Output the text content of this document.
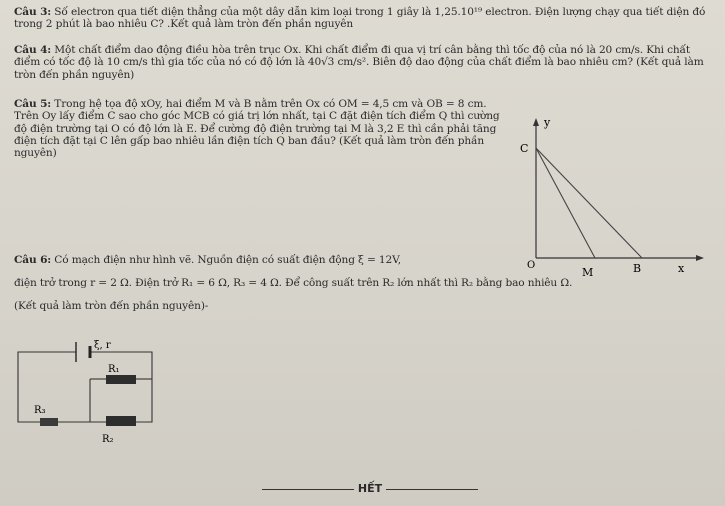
Câu 3: Số electron qua tiết diện thẳng của một dây dẫn kim loại trong 1 giây là 1,25.10¹⁹ electron. Điện lượng chạy qua tiết diện đó trong 2 phút là bao nhiêu C? .Kết quả làm tròn đến phần nguyên
Câu 4: Một chất điểm dao động điều hòa trên trục Ox. Khi chất điểm đi qua vị trí cân bằng thì tốc độ của nó là 20 cm/s. Khi chất điểm có tốc độ là 10 cm/s thì gia tốc của nó có độ lớn là 40√3 cm/s². Biên độ dao động của chất điểm là bao nhiêu cm? (Kết quả làm tròn đến phần nguyên)
Câu 5: Trong hệ tọa độ xOy, hai điểm M và B nằm trên Ox có OM = 4,5 cm và OB = 8 cm. Trên Oy lấy điểm C sao cho góc MCB có giá trị lớn nhất, tại C đặt điện tích điểm Q thì cường độ điện trường tại O có độ lớn là E. Để cường độ điện trường tại M là 3,2 E thì cần phải tăng điện tích đặt tại C lên gấp bao nhiêu lần điện tích Q ban đầu? (Kết quả làm tròn đến phần nguyên)
y
C
O
M	B	x
Câu 6: Có mạch điện như hình vẽ. Nguồn điện có suất điện động ξ = 12V,
điện trở trong r = 2 Ω. Điện trở R₁ = 6 Ω, R₃ = 4 Ω. Để công suất trên R₂ lớn nhất thì R₂ bằng bao nhiêu Ω.
(Kết quả làm tròn đến phần nguyên)-
ξ, r
R₃
R₁
R₂
HẾT
